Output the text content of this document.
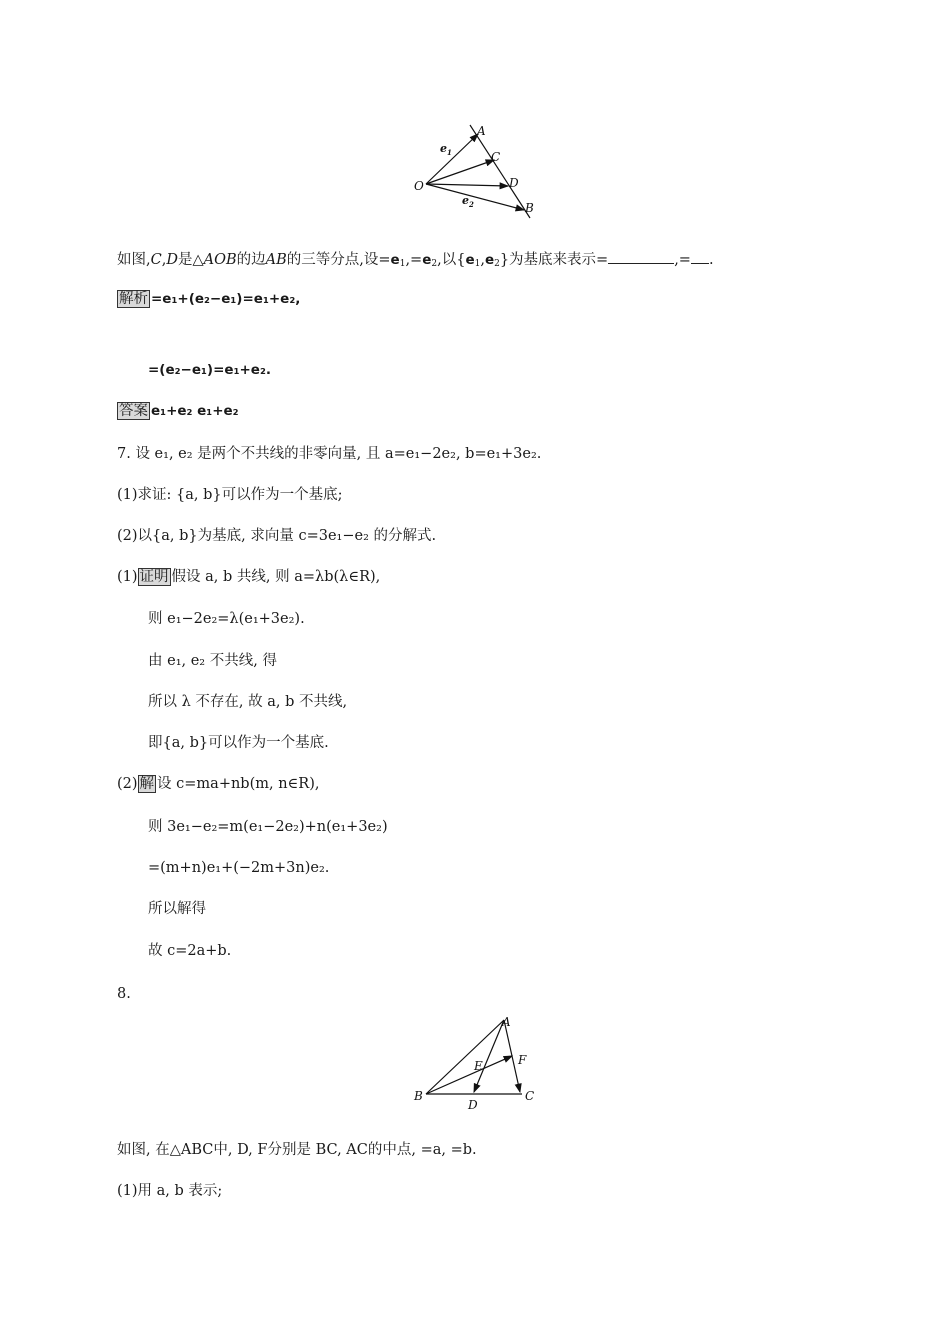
A
C
D
B
O
$e_1$
$e_2$
如图,C,D是△AOB的边AB的三等分点,设$=e_1,=e_2$,以$\{e_1,e_2\}$为基底来表示=	,= .
解析 =e₁+(e₂−e₁)=e₁+e₂,
=(e₂−e₁)=e₁+e₂.
答案 e₁+e₂ e₁+e₂
7. 设 e₁, e₂ 是两个不共线的非零向量, 且 a=e₁−2e₂, b=e₁+3e₂.
(1)求证: {a, b}可以作为一个基底;
(2)以{a, b}为基底, 求向量 c=3e₁−e₂ 的分解式.
(1) 证明 假设 a, b 共线, 则 a=λb(λ∈R),
则 e₁−2e₂=λ(e₁+3e₂).
由 e₁, e₂ 不共线, 得
所以 λ 不存在, 故 a, b 不共线,
即{a, b}可以作为一个基底.
(2) 解 设 c=ma+nb(m, n∈R),
则 3e₁−e₂=m(e₁−2e₂)+n(e₁+3e₂)
=(m+n)e₁+(−2m+3n)e₂.
所以解得
故 c=2a+b.
8.
A
B	C
D
E	F
如图, 在△ABC中, D, F分别是 BC, AC的中点, =a, =b.
(1)用 a, b 表示;
